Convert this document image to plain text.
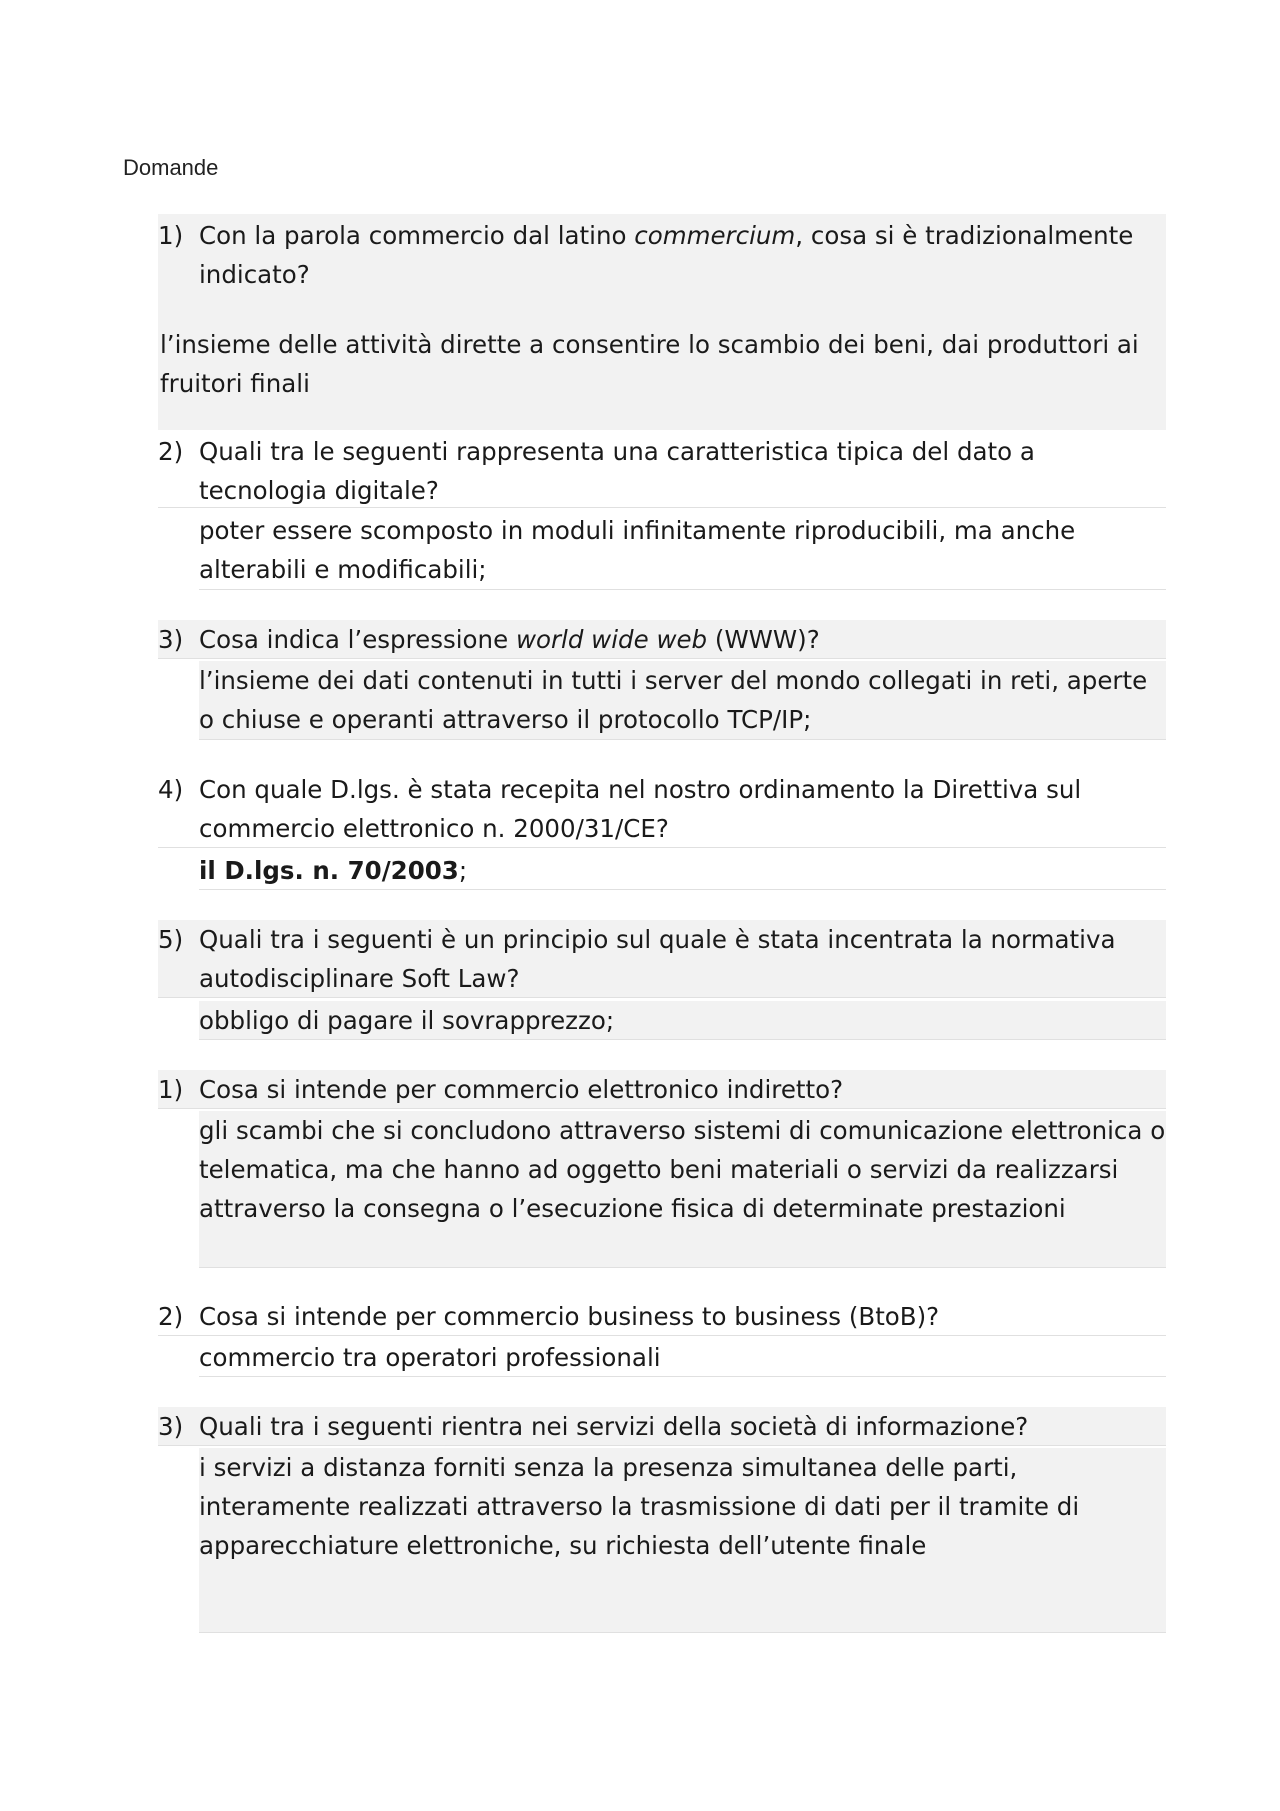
Domande
1) Con la parola commercio dal latino commercium, cosa si è tradizionalmente indicato?
l’insieme delle attività dirette a consentire lo scambio dei beni, dai produttori ai fruitori finali
2) Quali tra le seguenti rappresenta una caratteristica tipica del dato a tecnologia digitale?
poter essere scomposto in moduli infinitamente riproducibili, ma anche alterabili e modificabili;
3) Cosa indica l’espressione world wide web (WWW)?
l’insieme dei dati contenuti in tutti i server del mondo collegati in reti, aperte o chiuse e operanti attraverso il protocollo TCP/IP;
4) Con quale D.lgs. è stata recepita nel nostro ordinamento la Direttiva sul commercio elettronico n. 2000/31/CE?
il D.lgs. n. 70/2003;
5) Quali tra i seguenti è un principio sul quale è stata incentrata la normativa autodisciplinare Soft Law?
obbligo di pagare il sovrapprezzo;
1) Cosa si intende per commercio elettronico indiretto?
gli scambi che si concludono attraverso sistemi di comunicazione elettronica o telematica, ma che hanno ad oggetto beni materiali o servizi da realizzarsi attraverso la consegna o l’esecuzione fisica di determinate prestazioni
2) Cosa si intende per commercio business to business (BtoB)?
commercio tra operatori professionali
3) Quali tra i seguenti rientra nei servizi della società di informazione?
i servizi a distanza forniti senza la presenza simultanea delle parti, interamente realizzati attraverso la trasmissione di dati per il tramite di apparecchiature elettroniche, su richiesta dell’utente finale
